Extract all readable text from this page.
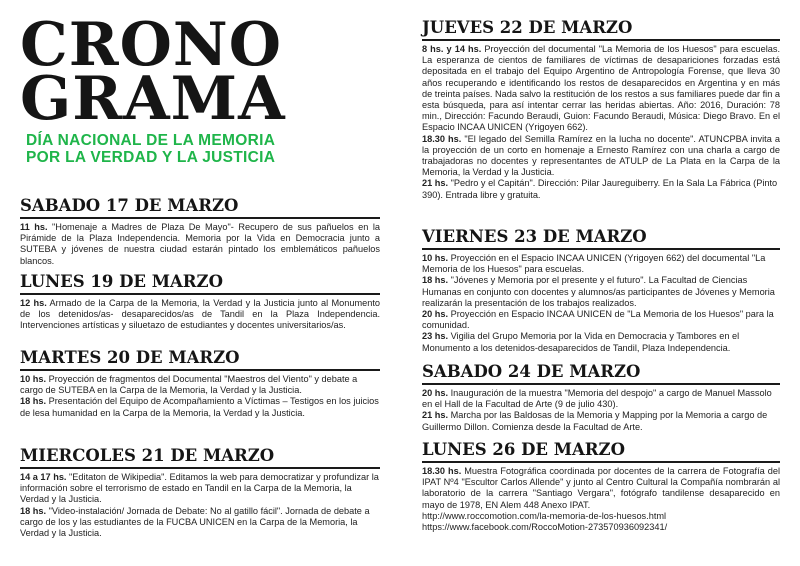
CRONO
GRAMA
DÍA NACIONAL DE LA MEMORIA
POR LA VERDAD Y LA JUSTICIA
SABADO 17 DE MARZO

11 hs. "Homenaje a Madres de Plaza De Mayo"- Recupero de sus pañuelos en la Pirámide de la Plaza Independencia. Memoria por la Vida en Democracia junto a SUTEBA y jóvenes de nuestra ciudad estarán pintado los emblemáticos pañuelos blancos.

LUNES 19 DE MARZO

12 hs. Armado de la Carpa de la Memoria, la Verdad y la Justicia junto al Monumento de los detenidos/as- desaparecidos/as de Tandil en la Plaza Independencia. Intervenciones artísticas y siluetazo de estudiantes y docentes universitarios/as.

MARTES 20 DE MARZO

10 hs. Proyección de fragmentos del Documental "Maestros del Viento" y debate a cargo de SUTEBA en la Carpa de la Memoria, la Verdad y la Justicia.

18 hs. Presentación del Equipo de Acompañamiento a Víctimas – Testigos en los juicios de lesa humanidad en la Carpa de la Memoria, la Verdad y la Justicia.

MIERCOLES 21 DE MARZO

14 a 17 hs. "Editaton de Wikipedia". Editamos la web para democratizar y profundizar la información sobre el terrorismo de estado en Tandil en la Carpa de la Memoria, la Verdad y la Justicia.

18 hs. "Video-instalación/ Jornada de Debate: No al gatillo fácil". Jornada de debate a cargo de los y las estudiantes de la FUCBA UNICEN en la Carpa de la Memoria, la Verdad y la Justicia.

JUEVES 22 DE MARZO

8 hs. y 14 hs. Proyección del documental "La Memoria de los Huesos" para escuelas. La esperanza de cientos de familiares de víctimas de desapariciones forzadas está depositada en el trabajo del Equipo Argentino de Antropología Forense, que lleva 30 años recuperando e identificando los restos de desaparecidos en Argentina y en más de treinta países. Nada salvo la restitución de los restos a sus familiares puede dar fin a esta búsqueda, para así intentar cerrar las heridas abiertas. Año: 2016, Duración: 78 min., Dirección: Facundo Beraudi, Guion: Facundo Beraudi, Música: Diego Bravo. En el Espacio INCAA UNICEN (Yrigoyen 662).

18.30 hs. "El legado del Semilla Ramírez en la lucha no docente". ATUNCPBA invita a la proyección de un corto en homenaje a Ernesto Ramírez con una charla a cargo de trabajadoras no docentes y representantes de ATULP de La Plata en la Carpa de la Memoria, la Verdad y la Justicia.

21 hs. "Pedro y el Capitán". Dirección: Pilar Jaureguiberry. En la Sala La Fábrica (Pinto 390). Entrada libre y gratuita.

VIERNES 23 DE MARZO

10 hs. Proyección en el Espacio INCAA UNICEN (Yrigoyen 662) del documental "La Memoria de los Huesos" para escuelas.

18 hs. "Jóvenes y Memoria por el presente y el futuro". La Facultad de Ciencias Humanas en conjunto con docentes y alumnos/as participantes de Jóvenes y Memoria realizarán la presentación de los trabajos realizados.

20 hs. Proyección en Espacio INCAA UNICEN de "La Memoria de los Huesos" para la comunidad.

23 hs. Vigilia del Grupo Memoria por la Vida en Democracia y Tambores en el Monumento a los detenidos-desaparecidos de Tandil, Plaza Independencia.

SABADO 24 DE MARZO

20 hs. Inauguración de la muestra "Memoria del despojo" a cargo de Manuel Massolo en el Hall de la Facultad de Arte (9 de julio 430).

21 hs. Marcha por las Baldosas de la Memoria y Mapping por la Memoria a cargo de Guillermo Dillon. Comienza desde la Facultad de Arte.

LUNES 26 DE MARZO

18.30 hs. Muestra Fotográfica coordinada por docentes de la carrera de Fotografía del IPAT Nº4 "Escultor Carlos Allende" y junto al Centro Cultural la Compañía nombrarán al laboratorio de la carrera "Santiago Vergara", fotógrafo tandilense desaparecido en mayo de 1978, EN Alem 448 Anexo IPAT.

http://www.roccomotion.com/la-memoria-de-los-huesos.html

https://www.facebook.com/RoccoMotion-273570936092341/
